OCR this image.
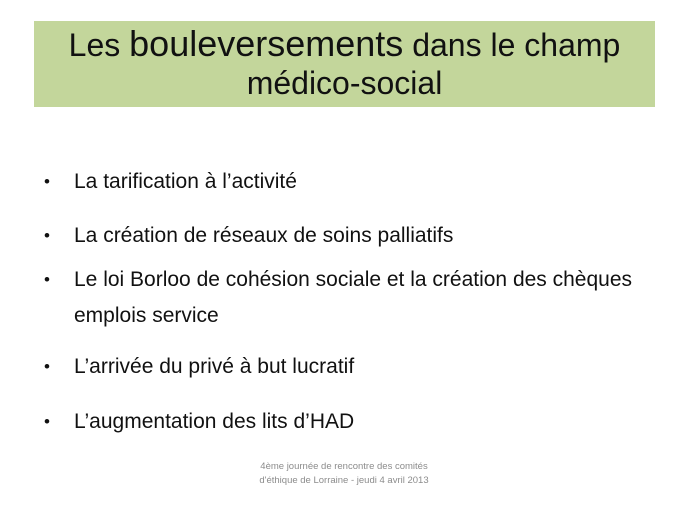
Les bouleversements dans le champ
médico-social
•	La tarification à l’activité
•	La création de réseaux de soins palliatifs
•	Le loi Borloo de cohésion sociale et la création des chèques emplois service
•	L’arrivée du privé à but lucratif
•	L’augmentation des lits d’HAD
4ème journée de rencontre des comités
d'éthique de Lorraine - jeudi 4 avril 2013
